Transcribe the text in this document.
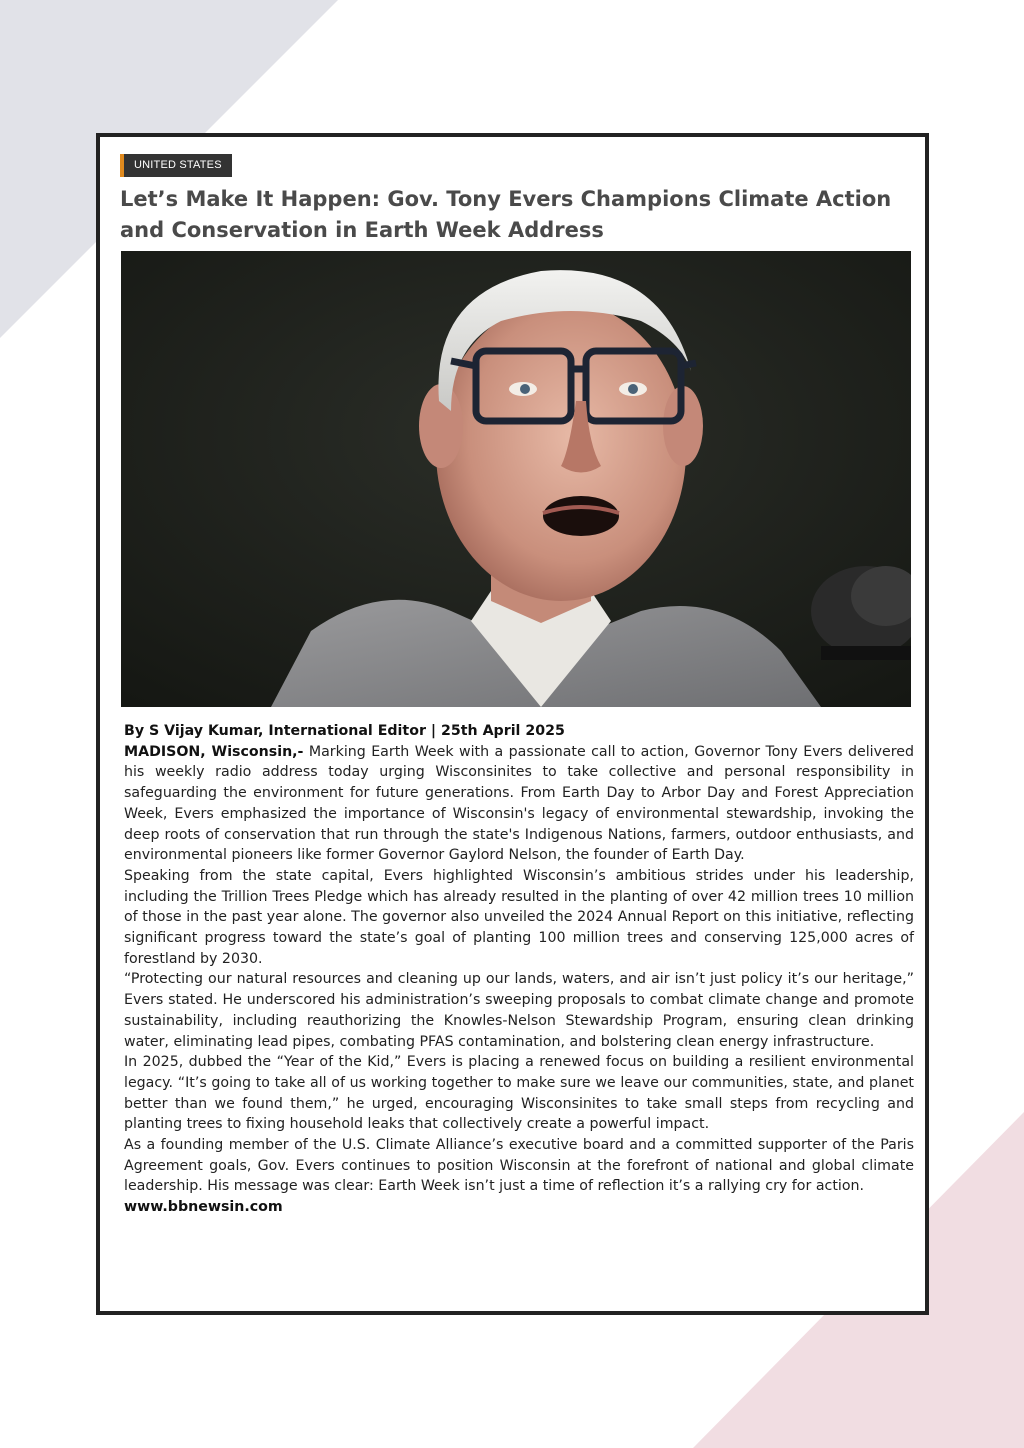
UNITED STATES
Let’s Make It Happen: Gov. Tony Evers Champions Climate Action and Conservation in Earth Week Address

By S Vijay Kumar, International Editor | 25th April 2025

MADISON, Wisconsin,- Marking Earth Week with a passionate call to action, Governor Tony Evers delivered his weekly radio address today urging Wisconsinites to take collective and personal responsibility in safeguarding the environment for future generations. From Earth Day to Arbor Day and Forest Appreciation Week, Evers emphasized the importance of Wisconsin's legacy of environmental stewardship, invoking the deep roots of conservation that run through the state's Indigenous Nations, farmers, outdoor enthusiasts, and environmental pioneers like former Governor Gaylord Nelson, the founder of Earth Day.

Speaking from the state capital, Evers highlighted Wisconsin’s ambitious strides under his leadership, including the Trillion Trees Pledge which has already resulted in the planting of over 42 million trees 10 million of those in the past year alone. The governor also unveiled the 2024 Annual Report on this initiative, reflecting significant progress toward the state’s goal of planting 100 million trees and conserving 125,000 acres of forestland by 2030.

“Protecting our natural resources and cleaning up our lands, waters, and air isn’t just policy it’s our heritage,” Evers stated. He underscored his administration’s sweeping proposals to combat climate change and promote sustainability, including reauthorizing the Knowles-Nelson Stewardship Program, ensuring clean drinking water, eliminating lead pipes, combating PFAS contamination, and bolstering clean energy infrastructure.

In 2025, dubbed the “Year of the Kid,” Evers is placing a renewed focus on building a resilient environmental legacy. “It’s going to take all of us working together to make sure we leave our communities, state, and planet better than we found them,” he urged, encouraging Wisconsinites to take small steps from recycling and planting trees to fixing household leaks that collectively create a powerful impact.

As a founding member of the U.S. Climate Alliance’s executive board and a committed supporter of the Paris Agreement goals, Gov. Evers continues to position Wisconsin at the forefront of national and global climate leadership. His message was clear: Earth Week isn’t just a time of reflection it’s a rallying cry for action.

www.bbnewsin.com
